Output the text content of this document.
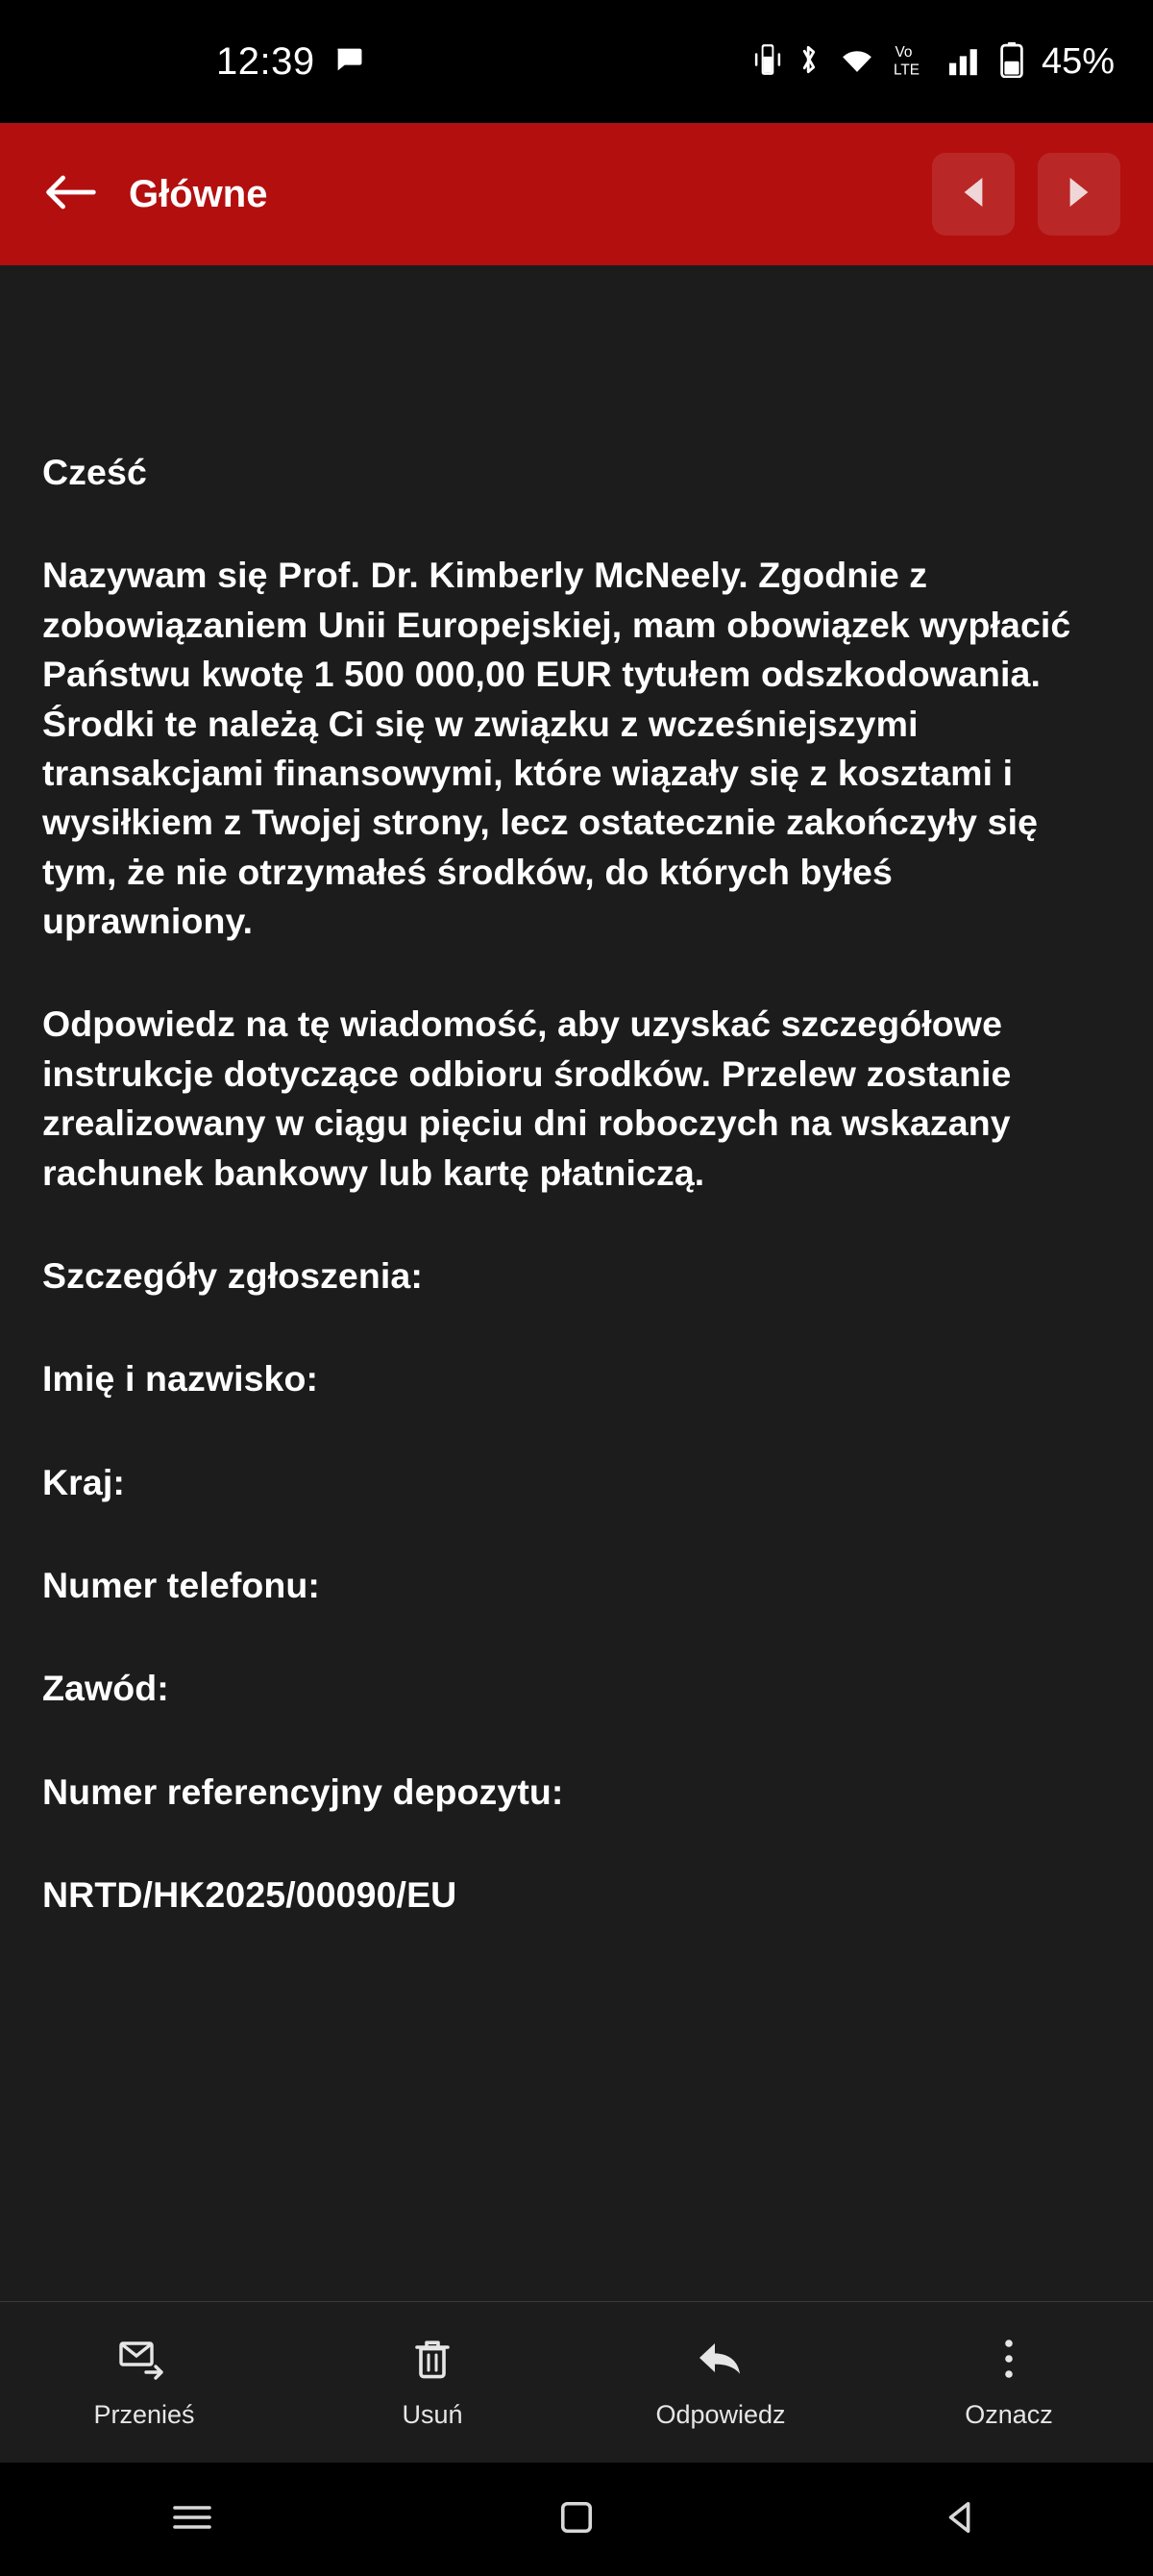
12:39	Vo
LTE	45%
Główne

Cześć

Nazywam się Prof. Dr. Kimberly McNeely. Zgodnie z zobowiązaniem Unii Europejskiej, mam obowiązek wypłacić Państwu kwotę 1 500 000,00 EUR tytułem odszkodowania. Środki te należą Ci się w związku z wcześniejszymi transakcjami finansowymi, które wiązały się z kosztami i wysiłkiem z Twojej strony, lecz ostatecznie zakończyły się tym, że nie otrzymałeś środków, do których byłeś uprawniony.

Odpowiedz na tę wiadomość, aby uzyskać szczegółowe instrukcje dotyczące odbioru środków. Przelew zostanie zrealizowany w ciągu pięciu dni roboczych na wskazany rachunek bankowy lub kartę płatniczą.

Szczegóły zgłoszenia:

Imię i nazwisko:

Kraj:

Numer telefonu:

Zawód:

Numer referencyjny depozytu:

NRTD/HK2025/00090/EU

Przenieś	Usuń	Odpowiedz	Oznacz
